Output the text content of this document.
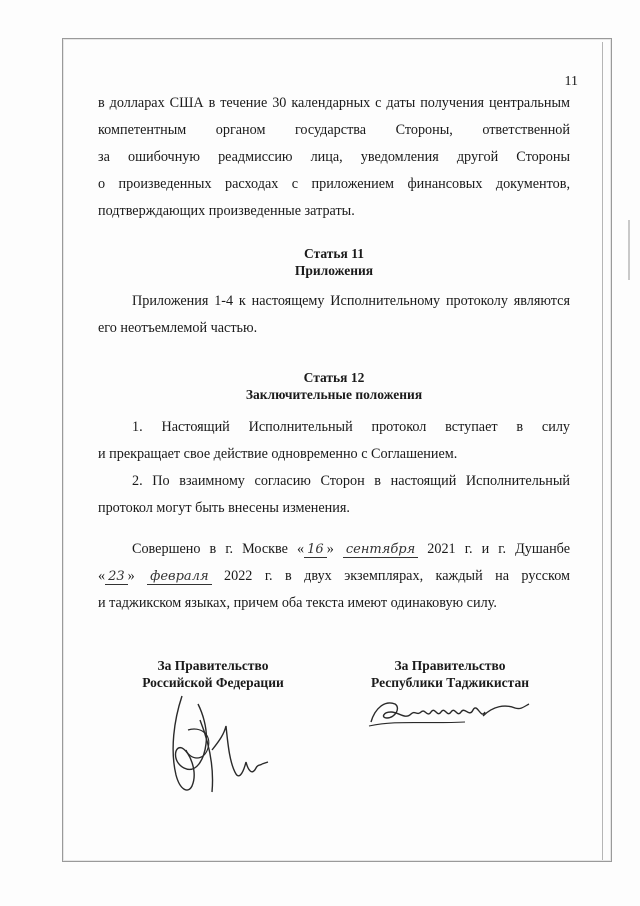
11
в долларах США в течение 30 календарных с даты получения центральным
компетентным органом государства Стороны, ответственной
за ошибочную реадмиссию лица, уведомления другой Стороны
о произведенных расходах с приложением финансовых документов,
подтверждающих произведенные затраты.
Статья 11
Приложения
Приложения 1-4 к настоящему Исполнительному протоколу являются
его неотъемлемой частью.
Статья 12
Заключительные положения
1. Настоящий Исполнительный протокол вступает в силу
и прекращает свое действие одновременно с Соглашением.
2. По взаимному согласию Сторон в настоящий Исполнительный
протокол могут быть внесены изменения.
Совершено в г. Москве « 16 » сентября 2021 г. и г. Душанбе
« 23 » февраля 2022 г. в двух экземплярах, каждый на русском
и таджикском языках, причем оба текста имеют одинаковую силу.
За Правительство
Российской Федерации
За Правительство
Республики Таджикистан
